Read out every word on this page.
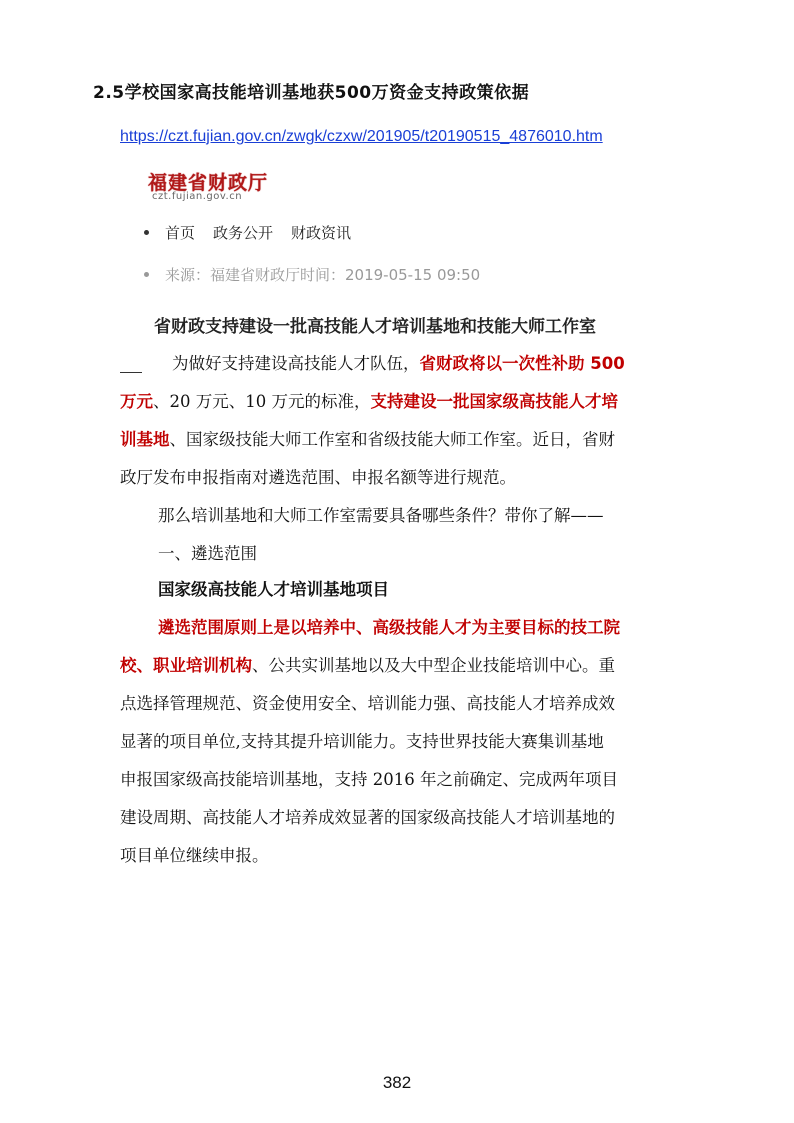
2.5学校国家高技能培训基地获500万资金支持政策依据
https://czt.fujian.gov.cn/zwgk/czxw/201905/t20190515_4876010.htm
福建省财政厅
czt.fujian.gov.cn
首页 政务公开 财政资讯
来源：福建省财政厅时间：2019-05-15 09:50
省财政支持建设一批高技能人才培训基地和技能大师工作室
为做好支持建设高技能人才队伍，省财政将以一次性补助 500
万元、20 万元、10 万元的标准，支持建设一批国家级高技能人才培
训基地、国家级技能大师工作室和省级技能大师工作室。近日，省财
政厅发布申报指南对遴选范围、申报名额等进行规范。
那么培训基地和大师工作室需要具备哪些条件？带你了解——
一、遴选范围
国家级高技能人才培训基地项目
遴选范围原则上是以培养中、高级技能人才为主要目标的技工院
校、职业培训机构、公共实训基地以及大中型企业技能培训中心。重
点选择管理规范、资金使用安全、培训能力强、高技能人才培养成效
显著的项目单位,支持其提升培训能力。支持世界技能大赛集训基地
申报国家级高技能培训基地，支持 2016 年之前确定、完成两年项目
建设周期、高技能人才培养成效显著的国家级高技能人才培训基地的
项目单位继续申报。
382
